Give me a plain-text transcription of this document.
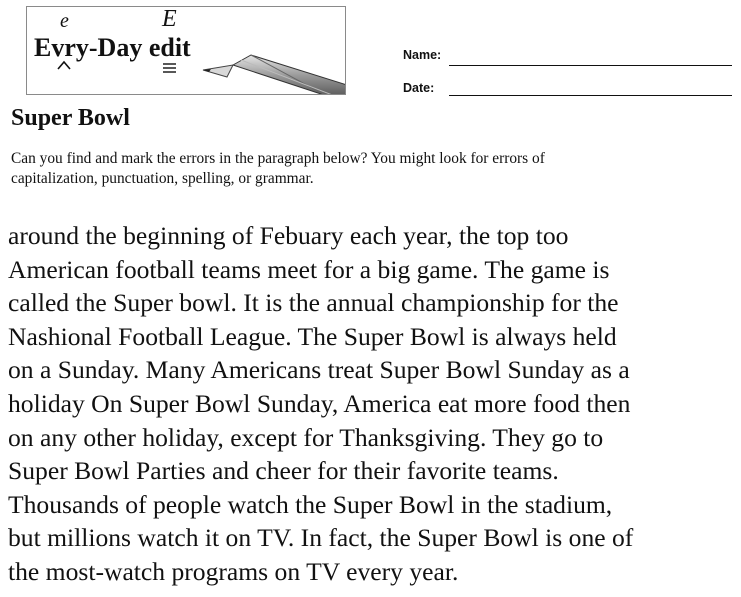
e	E
Evry-Day edit	Name:
Date:
Super Bowl

Can you find and mark the errors in the paragraph below? You might look for errors of
capitalization, punctuation, spelling, or grammar.

around the beginning of Febuary each year, the top too
American football teams meet for a big game. The game is
called the Super bowl. It is the annual championship for the
Nashional Football League. The Super Bowl is always held
on a Sunday. Many Americans treat Super Bowl Sunday as a
holiday On Super Bowl Sunday, America eat more food then
on any other holiday, except for Thanksgiving. They go to
Super Bowl Parties and cheer for their favorite teams.
Thousands of people watch the Super Bowl in the stadium,
but millions watch it on TV. In fact, the Super Bowl is one of
the most-watch programs on TV every year.
